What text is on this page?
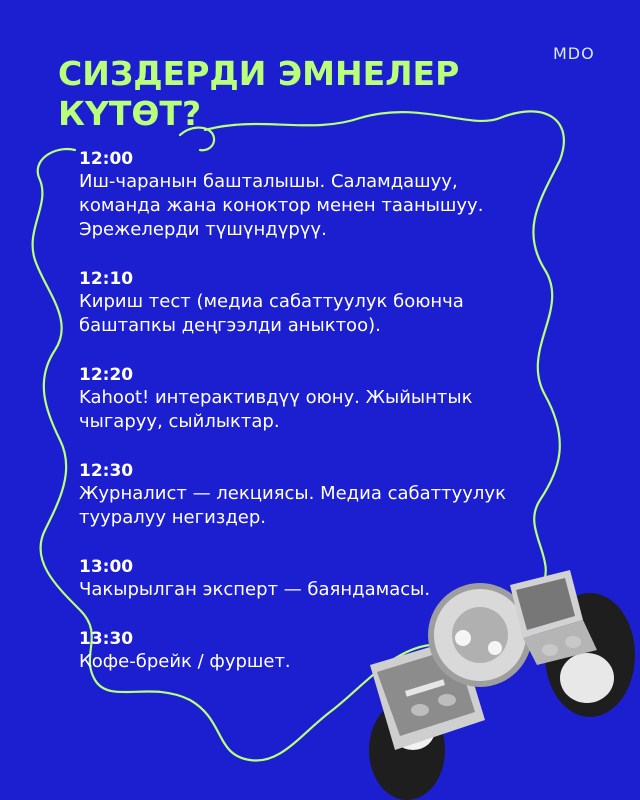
MDO
СИЗДЕРДИ ЭМНЕЛЕР
КҮТӨТ?
12:00
Иш-чаранын башталышы. Саламдашуу,
команда жана коноктор менен таанышуу.
Эрежелерди түшүндүрүү.
12:10
Кириш тест (медиа сабаттуулук боюнча
баштапкы деңгээлди аныктоо).
12:20
Kahoot! интерактивдүү оюну. Жыйынтык
чыгаруу, сыйлыктар.
12:30
Журналист — лекциясы. Медиа сабаттуулук
тууралуу негиздер.
13:00
Чакырылган эксперт — баяндамасы.
13:30
Кофе-брейк / фуршет.
